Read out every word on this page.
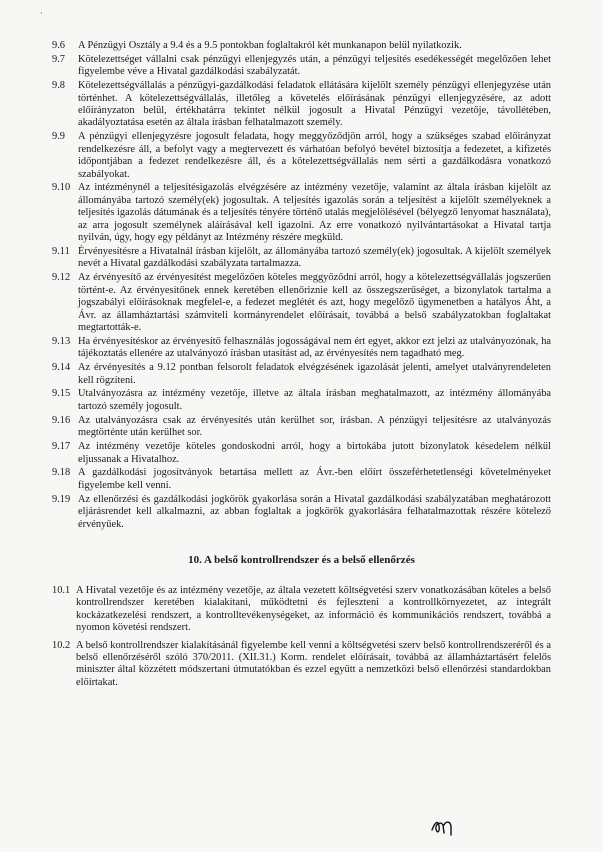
·
9.6	A Pénzügyi Osztály a 9.4 és a 9.5 pontokban foglaltakról két munkanapon belül nyilatkozik.
9.7	Kötelezettséget vállalni csak pénzügyi ellenjegyzés után, a pénzügyi teljesítés esedékességét megelőzően lehet figyelembe véve a Hivatal gazdálkodási szabályzatát.
9.8	Kötelezettségvállalás a pénzügyi-gazdálkodási feladatok ellátására kijelölt személy pénzügyi ellenjegyzése után történhet. A kötelezettségvállalás, illetőleg a követelés előírásának pénzügyi ellenjegyzésére, az adott előirányzaton belül, értékhatárra tekintet nélkül jogosult a Hivatal Pénzügyi vezetője, távollétében, akadályoztatása esetén az általa írásban felhatalmazott személy.
9.9	A pénzügyi ellenjegyzésre jogosult feladata, hogy meggyőződjön arról, hogy a szükséges szabad előirányzat rendelkezésre áll, a befolyt vagy a megtervezett és várhatóan befolyó bevétel biztosítja a fedezetet, a kifizetés időpontjában a fedezet rendelkezésre áll, és a kötelezettségvállalás nem sérti a gazdálkodásra vonatkozó szabályokat.
9.10 Az intézménynél a teljesítésigazolás elvégzésére az intézmény vezetője, valamint az általa írásban kijelölt az állományába tartozó személy(ek) jogosultak. A teljesítés igazolás során a teljesítést a kijelölt személyeknek a teljesítés igazolás dátumának és a teljesítés tényére történő utalás megjelölésével (bélyegző lenyomat használata), az arra jogosult személynek aláírásával kell igazolni. Az erre vonatkozó nyilvántartásokat a Hivatal tartja nyilván, úgy, hogy egy példányt az Intézmény részére megküld.
9.11 Érvényesítésre a Hivatalnál írásban kijelölt, az állományába tartozó személy(ek) jogosultak. A kijelölt személyek nevét a Hivatal gazdálkodási szabályzata tartalmazza.
9.12 Az érvényesítő az érvényesítést megelőzően köteles meggyőződni arról, hogy a kötelezettségvállalás jogszerűen történt-e. Az érvényesítőnek ennek keretében ellenőriznie kell az összegszerűséget, a bizonylatok tartalma a jogszabályi előírásoknak megfelel-e, a fedezet meglétét és azt, hogy megelőző ügymenetben a hatályos Áht, a Ávr. az államháztartási számviteli kormányrendelet előírásait, továbbá a belső szabályzatokban foglaltakat megtartották-e.
9.13 Ha érvényesítéskor az érvényesítő felhasználás jogosságával nem ért egyet, akkor ezt jelzi az utalványozónak, ha tájékoztatás ellenére az utalványozó írásban utasítást ad, az érvényesítés nem tagadható meg.
9.14 Az érvényesítés a 9.12 pontban felsorolt feladatok elvégzésének igazolását jelenti, amelyet utalványrendeleten kell rögzíteni.
9.15 Utalványozásra az intézmény vezetője, illetve az általa írásban meghatalmazott, az intézmény állományába tartozó személy jogosult.
9.16 Az utalványozásra csak az érvényesítés után kerülhet sor, írásban. A pénzügyi teljesítésre az utalványozás megtörténte után kerülhet sor.
9.17 Az intézmény vezetője köteles gondoskodni arról, hogy a birtokába jutott bizonylatok késedelem nélkül eljussanak a Hivatalhoz.
9.18 A gazdálkodási jogosítványok betartása mellett az Ávr.-ben előírt összeférhetetlenségi követelményeket figyelembe kell venni.
9.19 Az ellenőrzési és gazdálkodási jogkörök gyakorlása során a Hivatal gazdálkodási szabályzatában meghatározott eljárásrendet kell alkalmazni, az abban foglaltak a jogkörök gyakorlására felhatalmazottak részére kötelező érvényűek.
10. A belső kontrollrendszer és a belső ellenőrzés
10.1 A Hivatal vezetője és az intézmény vezetője, az általa vezetett költségvetési szerv vonatkozásában köteles a belső kontrollrendszer keretében kialakítani, működtetni és fejleszteni a kontrollkörnyezetet, az integrált kockázatkezelési rendszert, a kontrolltevékenységeket, az információ és kommunikációs rendszert, továbbá a nyomon követési rendszert.
10.2 A belső kontrollrendszer kialakításánál figyelembe kell venni a költségvetési szerv belső kontrollrendszeréről és a belső ellenőrzéséről szóló 370/2011. (XII.31.) Korm. rendelet előírásait, továbbá az államháztartásért felelős miniszter által közzétett módszertani útmutatókban és ezzel együtt a nemzetközi belső ellenőrzési standardokban előírtakat.
